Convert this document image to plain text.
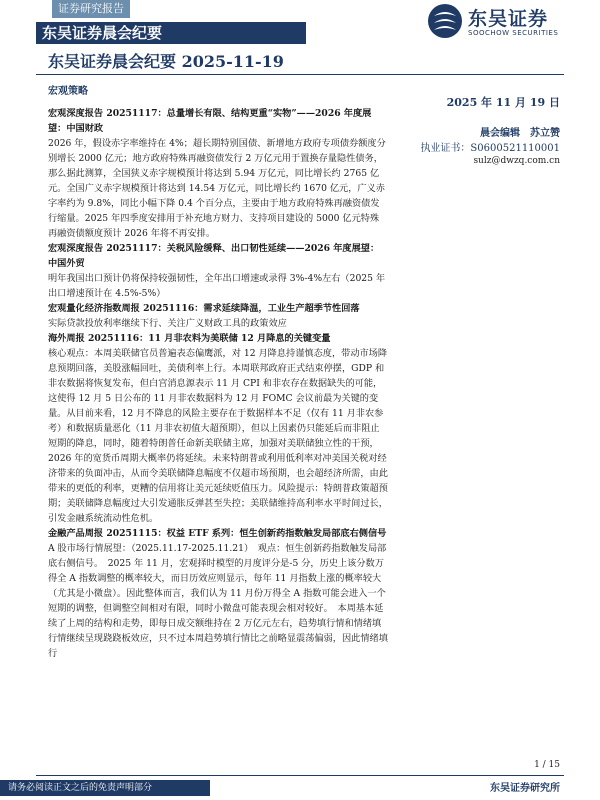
证券研究报告	东吴证券
SOOCHOW SECURITIES
东吴证券晨会纪要
东吴证券晨会纪要 2025-11-19
宏观策略
2025 年 11 月 19 日
晨会编辑　苏立赞
执业证书：S0600521110001
sulz@dwzq.com.cn

宏观深度报告 20251117：总量增长有限、结构更重“实物”——2026 年度展望：中国财政

2026 年，假设赤字率维持在 4%；超长期特别国债、新增地方政府专项债券额度分别增长 2000 亿元；地方政府特殊再融资债发行 2 万亿元用于置换存量隐性债务，那么据此测算，全国狭义赤字规模预计将达到 5.94 万亿元，同比增长约 2765 亿元。全国广义赤字规模预计将达到 14.54 万亿元，同比增长约 1670 亿元，广义赤字率约为 9.8%，同比小幅下降 0.4 个百分点，主要由于地方政府特殊再融资债发行缩量。2025 年四季度安排用于补充地方财力、支持项目建设的 5000 亿元特殊再融资债额度预计 2026 年将不再安排。

宏观深度报告 20251117：关税风险缓释、出口韧性延续——2026 年度展望：中国外贸

明年我国出口预计仍将保持较强韧性，全年出口增速或录得 3%-4%左右（2025 年出口增速预计在 4.5%-5%）

宏观量化经济指数周报 20251116：需求延续降温，工业生产超季节性回落

实际贷款投放利率继续下行、关注广义财政工具的政策效应

海外周报 20251116：11 月非农料为美联储 12 月降息的关键变量

核心观点：本周美联储官员普遍表态偏鹰派，对 12 月降息持谨慎态度，带动市场降息预期回落，美股涨幅回吐，美债利率上行。本周联邦政府正式结束停摆，GDP 和非农数据将恢复发布，但白宫消息源表示 11 月 CPI 和非农存在数据缺失的可能，这使得 12 月 5 日公布的 11 月非农数据料为 12 月 FOMC 会议前最为关键的变量。从目前来看，12 月不降息的风险主要存在于数据样本不足（仅有 11 月非农参考）和数据质量恶化（11 月非农初值大超预期），但以上因素仍只能延后而非阻止短期的降息，同时，随着特朗普任命新美联储主席，加强对美联储独立性的干预，2026 年的宽货币周期大概率仍将延续。未来特朗普或利用低利率对冲美国关税对经济带来的负面冲击，从而令美联储降息幅度不仅超市场预期，也会超经济所需，由此带来的更低的利率，更糟的信用将让美元延续贬值压力。风险提示：特朗普政策超预期；美联储降息幅度过大引发通胀反弹甚至失控；美联储维持高利率水平时间过长，引发金融系统流动性危机。

金融产品周报 20251115：权益 ETF 系列：恒生创新药指数触发局部底右侧信号

A 股市场行情展望：（2025.11.17-2025.11.21）　观点：恒生创新药指数触发局部底右侧信号。　2025 年 11 月，宏观择时模型的月度评分是-5 分，历史上该分数万得全 A 指数调整的概率较大，而日历效应则显示，每年 11 月指数上涨的概率较大（尤其是小微盘）。因此整体而言，我们认为 11 月份万得全 A 指数可能会进入一个短期的调整，但调整空间相对有限，同时小微盘可能表现会相对较好。　本周基本延续了上周的结构和走势，即每日成交额维持在 2 万亿元左右，趋势填行情和情绪填行情继续呈现跷跷板效应，只不过本周趋势填行情比之前略显震荡偏弱，因此情绪填行

1 / 15
请务必阅读正文之后的免责声明部分	东吴证券研究所
